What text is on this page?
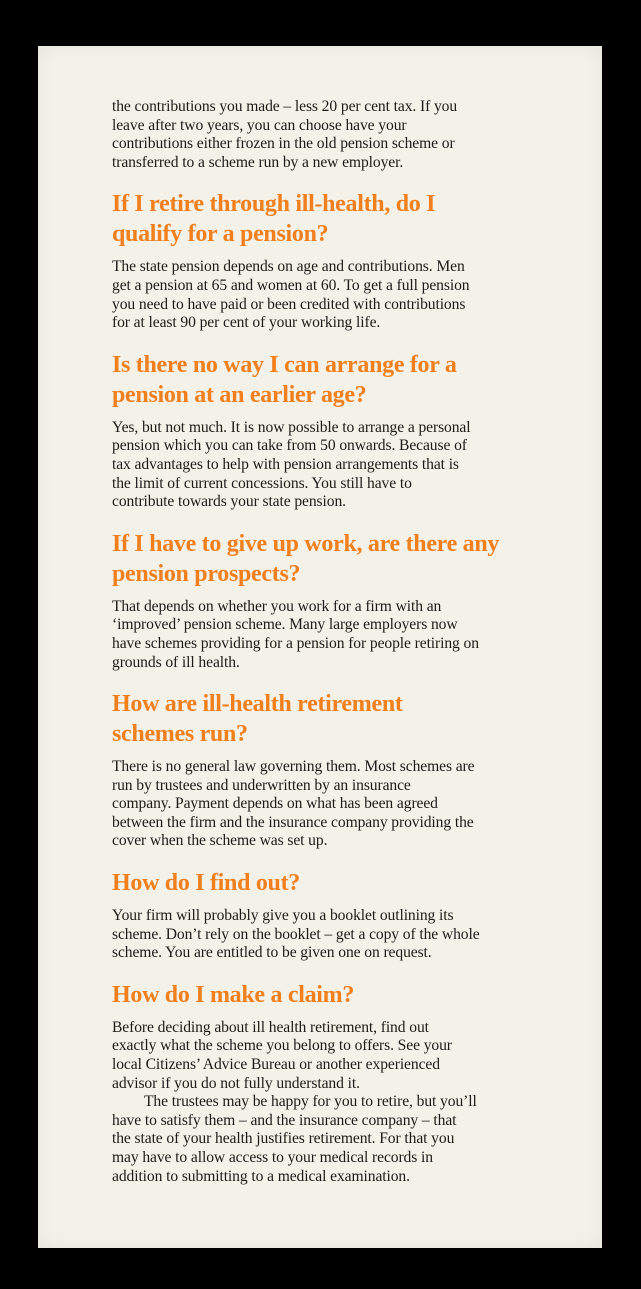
the contributions you made – less 20 per cent tax. If you
leave after two years, you can choose have your
contributions either frozen in the old pension scheme or
transferred to a scheme run by a new employer.

If I retire through ill-health, do I
qualify for a pension?

The state pension depends on age and contributions. Men
get a pension at 65 and women at 60. To get a full pension
you need to have paid or been credited with contributions
for at least 90 per cent of your working life.

Is there no way I can arrange for a
pension at an earlier age?

Yes, but not much. It is now possible to arrange a personal
pension which you can take from 50 onwards. Because of
tax advantages to help with pension arrangements that is
the limit of current concessions. You still have to
contribute towards your state pension.

If I have to give up work, are there any
pension prospects?

That depends on whether you work for a firm with an
‘improved’ pension scheme. Many large employers now
have schemes providing for a pension for people retiring on
grounds of ill health.

How are ill-health retirement
schemes run?

There is no general law governing them. Most schemes are
run by trustees and underwritten by an insurance
company. Payment depends on what has been agreed
between the firm and the insurance company providing the
cover when the scheme was set up.

How do I find out?

Your firm will probably give you a booklet outlining its
scheme. Don’t rely on the booklet – get a copy of the whole
scheme. You are entitled to be given one on request.

How do I make a claim?

Before deciding about ill health retirement, find out
exactly what the scheme you belong to offers. See your
local Citizens’ Advice Bureau or another experienced
advisor if you do not fully understand it.

The trustees may be happy for you to retire, but you’ll
have to satisfy them – and the insurance company – that
the state of your health justifies retirement. For that you
may have to allow access to your medical records in
addition to submitting to a medical examination.
